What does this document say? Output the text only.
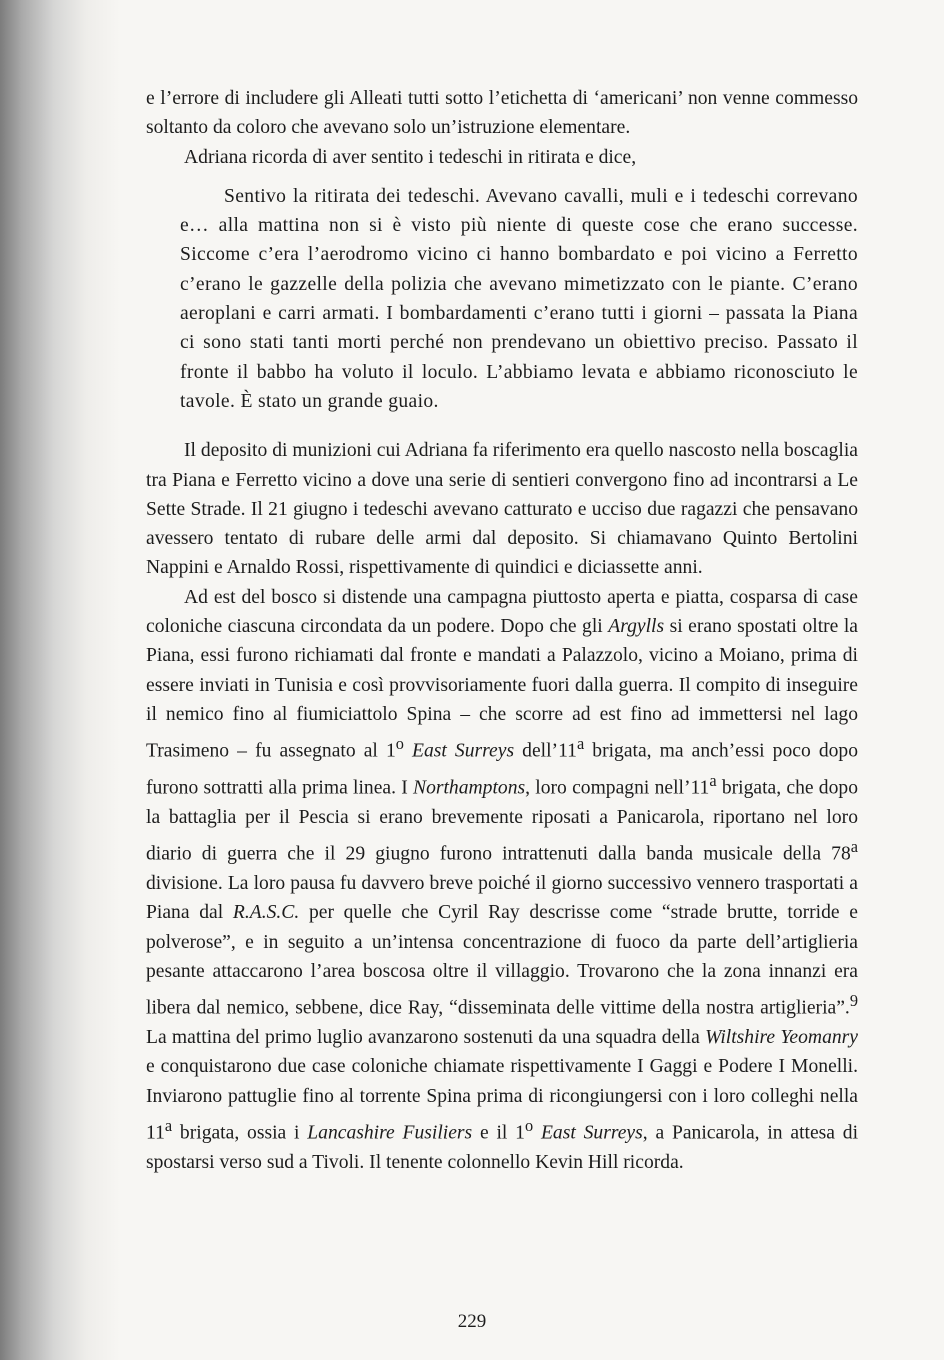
e l’errore di includere gli Alleati tutti sotto l’etichetta di ‘americani’ non venne commesso soltanto da coloro che avevano solo un’istruzione elementare.

Adriana ricorda di aver sentito i tedeschi in ritirata e dice,

Sentivo la ritirata dei tedeschi. Avevano cavalli, muli e i tedeschi correvano e… alla mattina non si è visto più niente di queste cose che erano successe. Siccome c’era l’aerodromo vicino ci hanno bombardato e poi vicino a Ferretto c’erano le gazzelle della polizia che avevano mimetizzato con le piante. C’erano aeroplani e carri armati. I bombardamenti c’erano tutti i giorni – passata la Piana ci sono stati tanti morti perché non prendevano un obiettivo preciso. Passato il fronte il babbo ha voluto il loculo. L’abbiamo levata e abbiamo riconosciuto le tavole. È stato un grande guaio.

Il deposito di munizioni cui Adriana fa riferimento era quello nascosto nella boscaglia tra Piana e Ferretto vicino a dove una serie di sentieri convergono fino ad incontrarsi a Le Sette Strade. Il 21 giugno i tedeschi avevano catturato e ucciso due ragazzi che pensavano avessero tentato di rubare delle armi dal deposito. Si chiamavano Quinto Bertolini Nappini e Arnaldo Rossi, rispettivamente di quindici e diciassette anni.

Ad est del bosco si distende una campagna piuttosto aperta e piatta, cosparsa di case coloniche ciascuna circondata da un podere. Dopo che gli Argylls si erano spostati oltre la Piana, essi furono richiamati dal fronte e mandati a Palazzolo, vicino a Moiano, prima di essere inviati in Tunisia e così provvisoriamente fuori dalla guerra. Il compito di inseguire il nemico fino al fiumiciattolo Spina – che scorre ad est fino ad immettersi nel lago Trasimeno – fu assegnato al 1$^o$ East Surreys dell’11$^a$ brigata, ma anch’essi poco dopo furono sottratti alla prima linea. I Northamptons, loro compagni nell’11$^a$ brigata, che dopo la battaglia per il Pescia si erano brevemente riposati a Panicarola, riportano nel loro diario di guerra che il 29 giugno furono intrattenuti dalla banda musicale della 78$^a$ divisione. La loro pausa fu davvero breve poiché il giorno successivo vennero trasportati a Piana dal R.A.S.C. per quelle che Cyril Ray descrisse come “strade brutte, torride e polverose”, e in seguito a un’intensa concentrazione di fuoco da parte dell’artiglieria pesante attaccarono l’area boscosa oltre il villaggio. Trovarono che la zona innanzi era libera dal nemico, sebbene, dice Ray, “disseminata delle vittime della nostra artiglieria”.$^9$ La mattina del primo luglio avanzarono sostenuti da una squadra della Wiltshire Yeomanry e conquistarono due case coloniche chiamate rispettivamente I Gaggi e Podere I Monelli. Inviarono pattuglie fino al torrente Spina prima di ricongiungersi con i loro colleghi nella 11$^a$ brigata, ossia i Lancashire Fusiliers e il 1$^o$ East Surreys, a Panicarola, in attesa di spostarsi verso sud a Tivoli. Il tenente colonnello Kevin Hill ricorda.

229
